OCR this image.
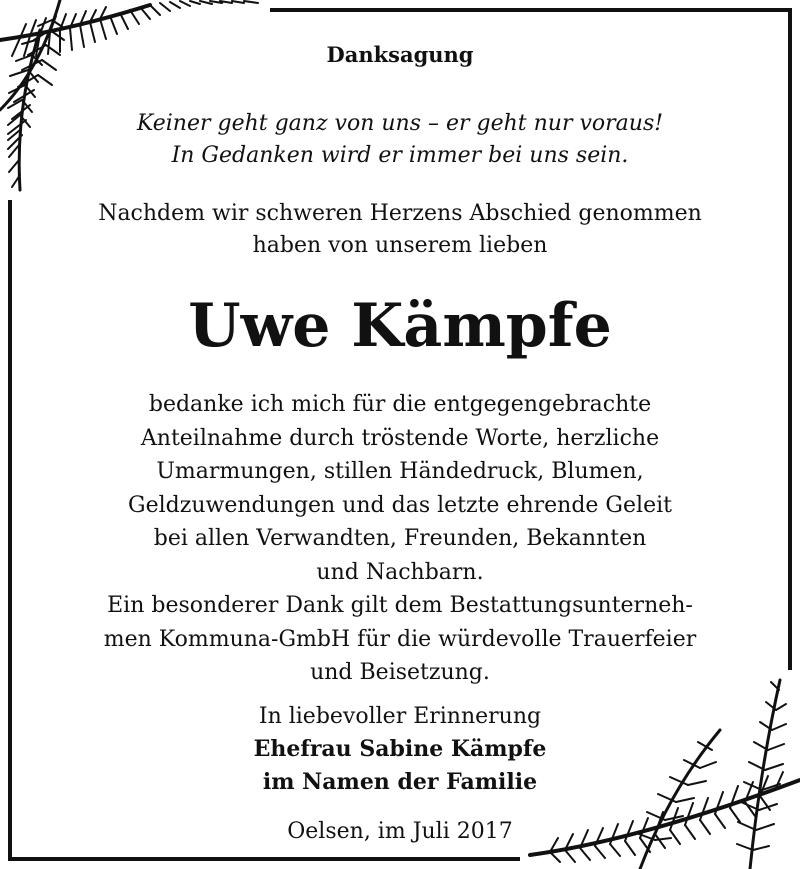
Danksagung
Keiner geht ganz von uns – er geht nur voraus!
In Gedanken wird er immer bei uns sein.
Nachdem wir schweren Herzens Abschied genommen
haben von unserem lieben
Uwe Kämpfe
bedanke ich mich für die entgegengebrachte
Anteilnahme durch tröstende Worte, herzliche
Umarmungen, stillen Händedruck, Blumen,
Geldzuwendungen und das letzte ehrende Geleit
bei allen Verwandten, Freunden, Bekannten
und Nachbarn.
Ein besonderer Dank gilt dem Bestattungsunterneh-
men Kommuna-GmbH für die würdevolle Trauerfeier
und Beisetzung.
In liebevoller Erinnerung
Ehefrau Sabine Kämpfe
im Namen der Familie
Oelsen, im Juli 2017
